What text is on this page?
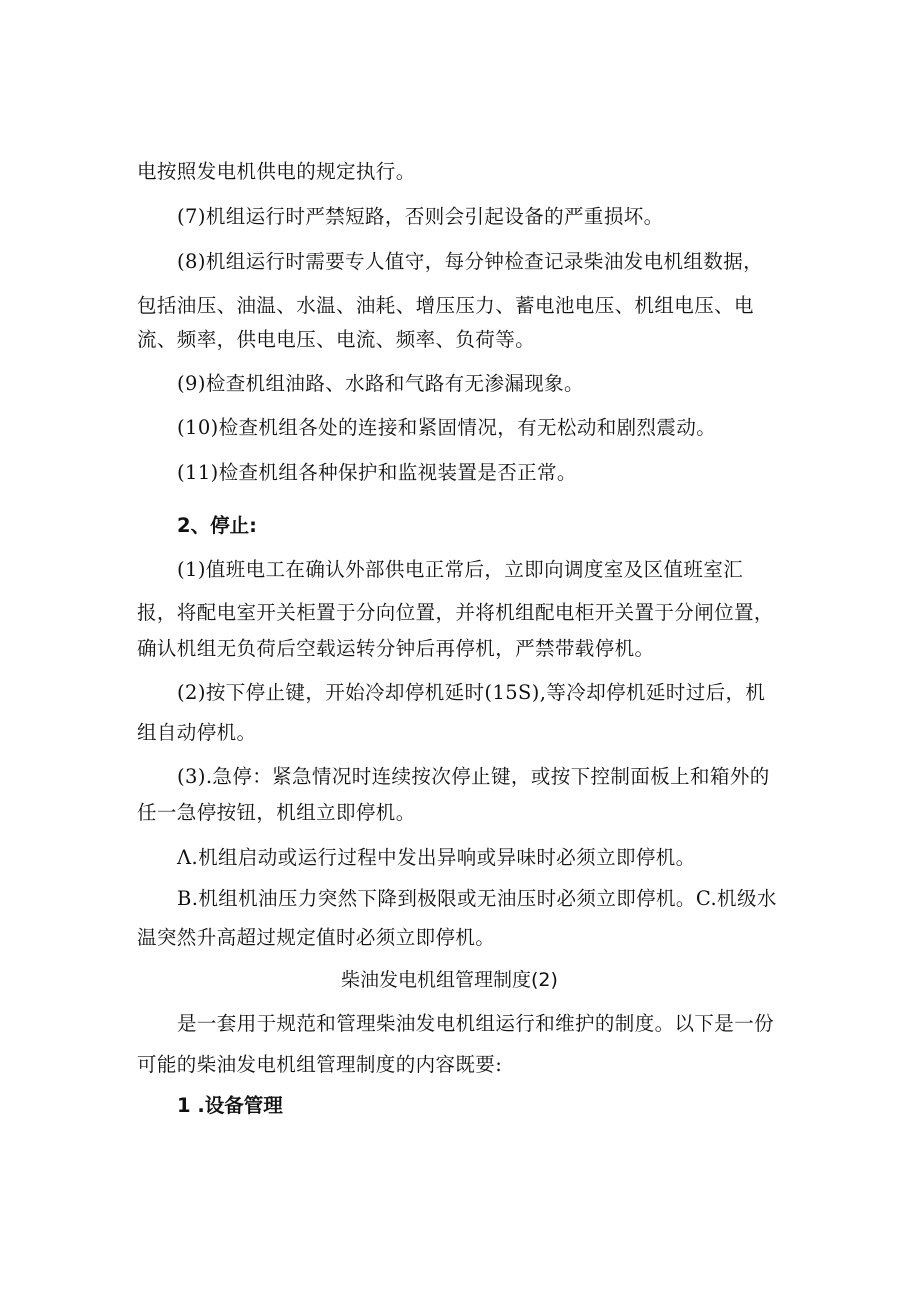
电按照发电机供电的规定执行。
(7)机组运行时严禁短路，否则会引起设备的严重损坏。
(8)机组运行时需要专人值守，每分钟检查记录柴油发电机组数据，
包括油压、油温、水温、油耗、增压压力、蓄电池电压、机组电压、电
流、频率，供电电压、电流、频率、负荷等。
(9)检查机组油路、水路和气路有无渗漏现象。
(10)检查机组各处的连接和紧固情况，有无松动和剧烈震动。
(11)检查机组各种保护和监视装置是否正常。
2、停止:
(1)值班电工在确认外部供电正常后，立即向调度室及区值班室汇
报，将配电室开关柜置于分向位置，并将机组配电柜开关置于分闸位置，
确认机组无负荷后空载运转分钟后再停机，严禁带载停机。
(2)按下停止键，开始冷却停机延时(15S),等冷却停机延时过后，机
组自动停机。
(3).急停：紧急情况时连续按次停止键，或按下控制面板上和箱外的
任一急停按钮，机组立即停机。
Λ.机组启动或运行过程中发出异响或异味时必须立即停机。
B.机组机油压力突然下降到极限或无油压时必须立即停机。C.机级水
温突然升高超过规定值时必须立即停机。
柴油发电机组管理制度(2)
是一套用于规范和管理柴油发电机组运行和维护的制度。以下是一份
可能的柴油发电机组管理制度的内容既要:
1 .设备管理
